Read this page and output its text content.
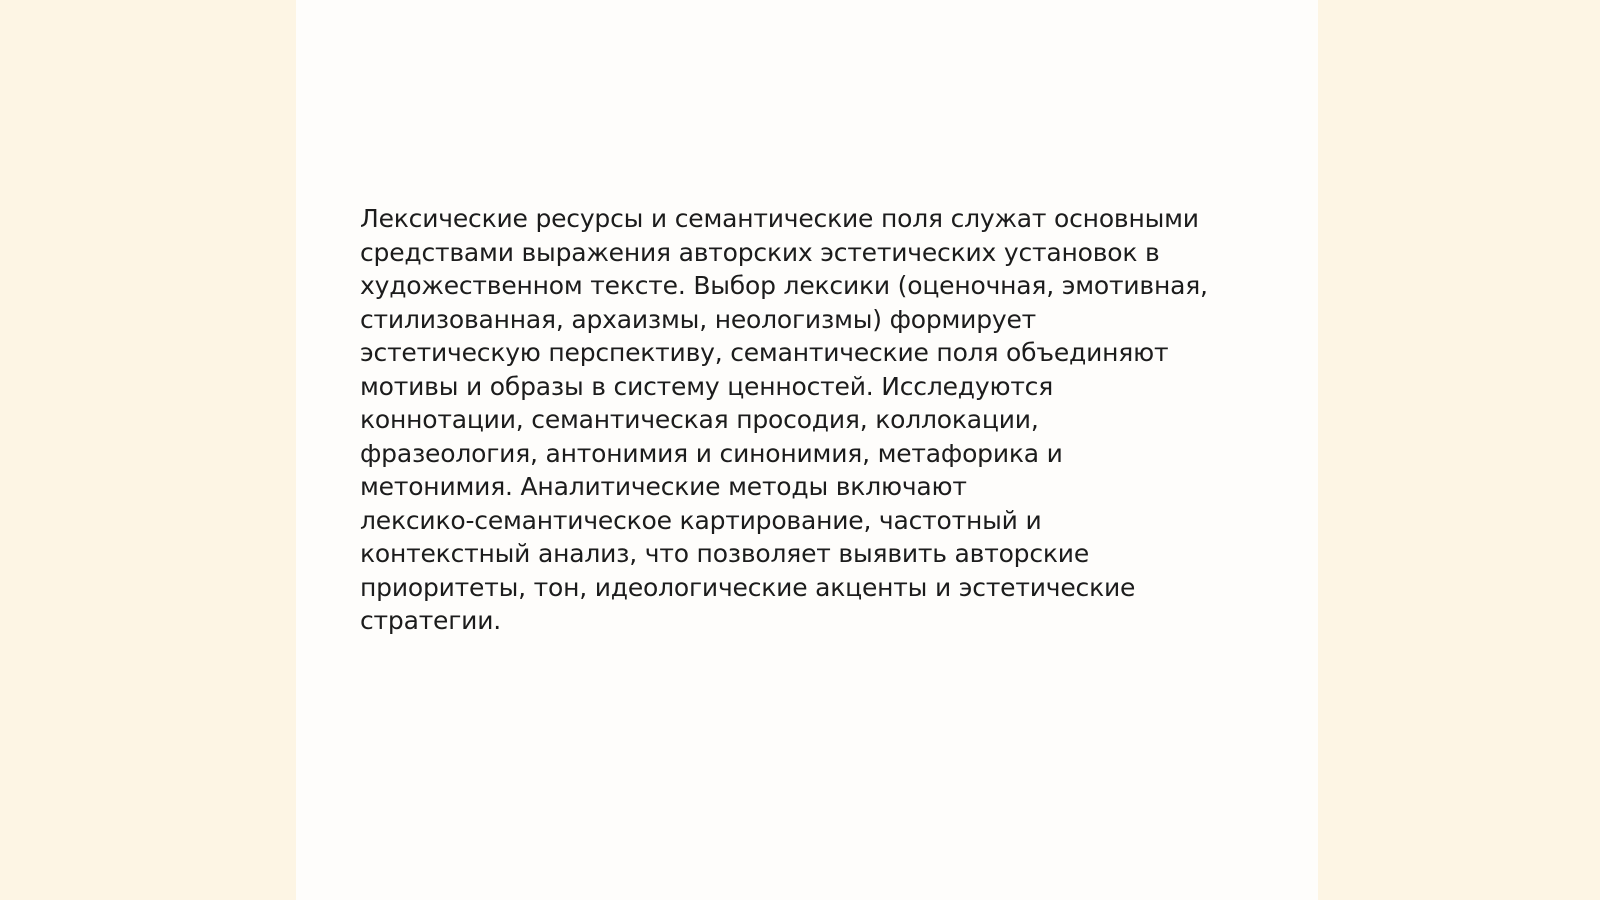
Лексические ресурсы и семантические поля служат основными
средствами выражения авторских эстетических установок в
художественном тексте. Выбор лексики (оценочная, эмотивная,
стилизованная, архаизмы, неологизмы) формирует
эстетическую перспективу, семантические поля объединяют
мотивы и образы в систему ценностей. Исследуются
коннотации, семантическая просодия, коллокации,
фразеология, антонимия и синонимия, метафорика и
метонимия. Аналитические методы включают
лексико-семантическое картирование, частотный и
контекстный анализ, что позволяет выявить авторские
приоритеты, тон, идеологические акценты и эстетические
стратегии.
